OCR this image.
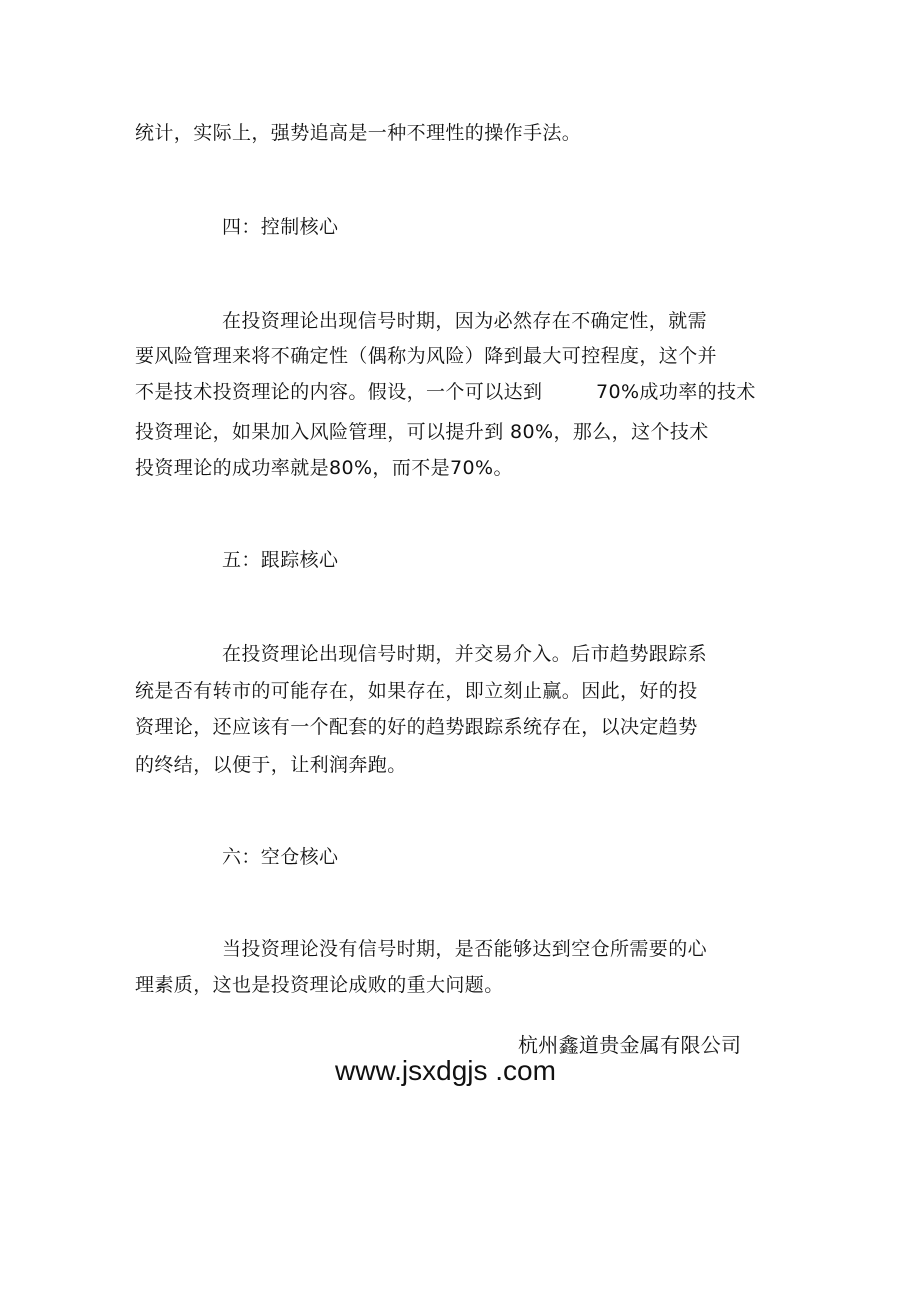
统计，实际上，强势追高是一种不理性的操作手法。
四：控制核心
在投资理论出现信号时期，因为必然存在不确定性，就需
要风险管理来将不确定性（偶称为风险）降到最大可控程度，这个并
不是技术投资理论的内容。假设，一个可以达到	70%成功率的技术
投资理论，如果加入风险管理，可以提升到 80%，那么，这个技术
投资理论的成功率就是80%，而不是70%。
五：跟踪核心
在投资理论出现信号时期，并交易介入。后市趋势跟踪系
统是否有转市的可能存在，如果存在，即立刻止赢。因此，好的投
资理论，还应该有一个配套的好的趋势跟踪系统存在，以决定趋势
的终结，以便于，让利润奔跑。
六：空仓核心
当投资理论没有信号时期，是否能够达到空仓所需要的心
理素质，这也是投资理论成败的重大问题。
杭州鑫道贵金属有限公司
www.jsxdgjs .com
